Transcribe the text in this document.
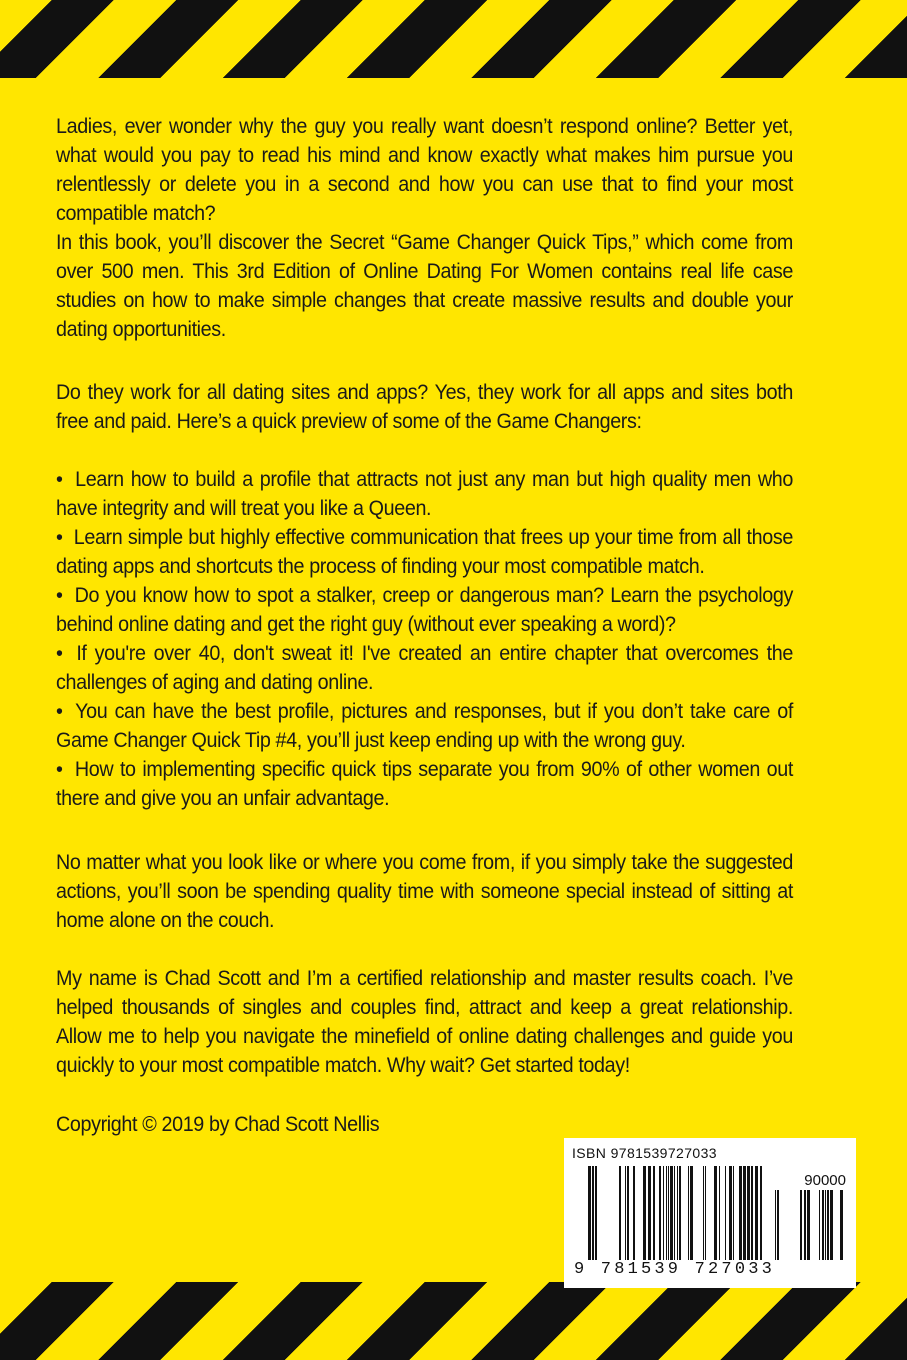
Ladies, ever wonder why the guy you really want doesn’t respond online? Better yet, what would you pay to read his mind and know exactly what makes him pursue you relentlessly or delete you in a second and how you can use that to find your most compatible match?

In this book, you’ll discover the Secret “Game Changer Quick Tips,” which come from over 500 men. This 3rd Edition of Online Dating For Women contains real life case studies on how to make simple changes that create massive results and double your dating opportunities.

Do they work for all dating sites and apps? Yes, they work for all apps and sites both free and paid. Here’s a quick preview of some of the Game Changers:

• Learn how to build a profile that attracts not just any man but high quality men who have integrity and will treat you like a Queen.
• Learn simple but highly effective communication that frees up your time from all those dating apps and shortcuts the process of finding your most compatible match.
• Do you know how to spot a stalker, creep or dangerous man? Learn the psychology behind online dating and get the right guy (without ever speaking a word)?
• If you're over 40, don't sweat it! I've created an entire chapter that overcomes the challenges of aging and dating online.
• You can have the best profile, pictures and responses, but if you don’t take care of Game Changer Quick Tip #4, you’ll just keep ending up with the wrong guy.
• How to implementing specific quick tips separate you from 90% of other women out there and give you an unfair advantage.

No matter what you look like or where you come from, if you simply take the suggested actions, you’ll soon be spending quality time with someone special instead of sitting at home alone on the couch.

My name is Chad Scott and I’m a certified relationship and master results coach. I’ve helped thousands of singles and couples find, attract and keep a great relationship. Allow me to help you navigate the minefield of online dating challenges and guide you quickly to your most compatible match. Why wait? Get started today!

Copyright © 2019 by Chad Scott Nellis

ISBN 9781539727033
90000
9 781539 727033
